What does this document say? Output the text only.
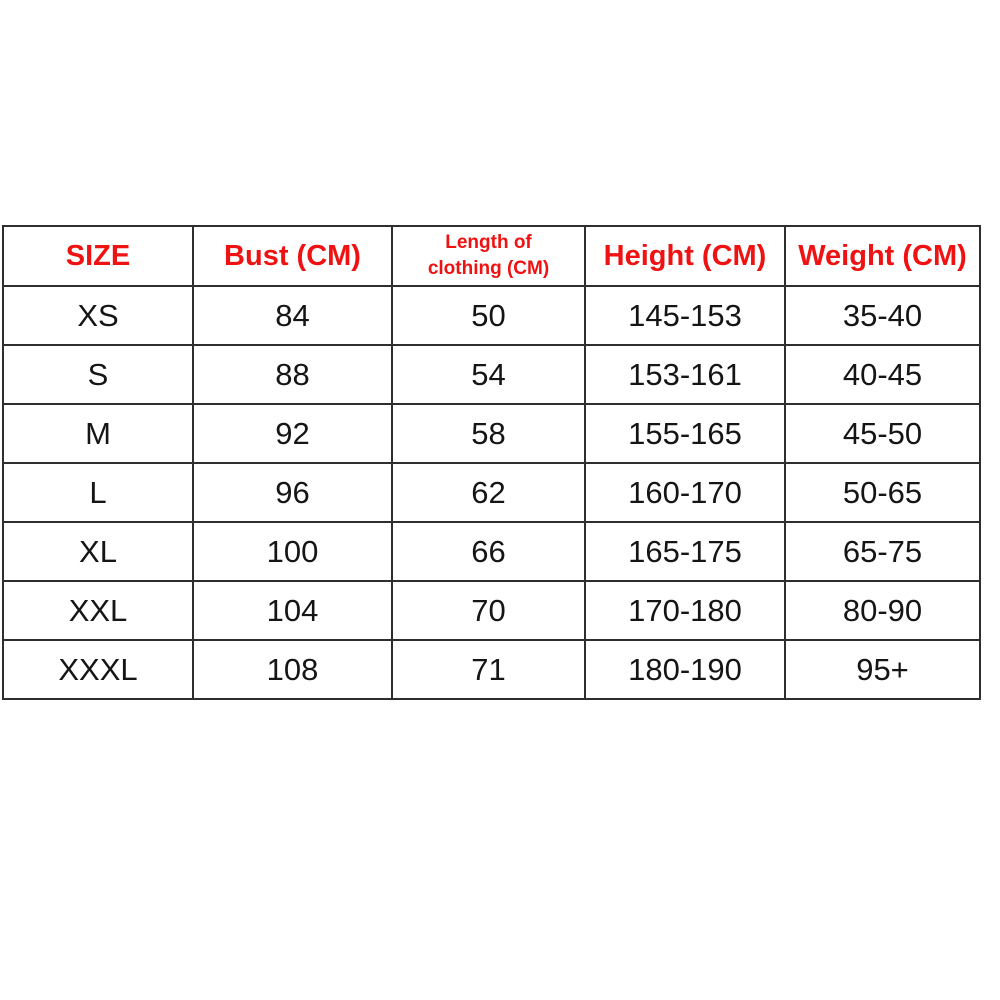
SIZE	Bust (CM)	Length of
clothing (CM)	Height (CM)	Weight (CM)
XS	84	50	145-153	35-40
S	88	54	153-161	40-45
M	92	58	155-165	45-50
L	96	62	160-170	50-65
XL	100	66	165-175	65-75
XXL	104	70	170-180	80-90
XXXL	108	71	180-190	95+
